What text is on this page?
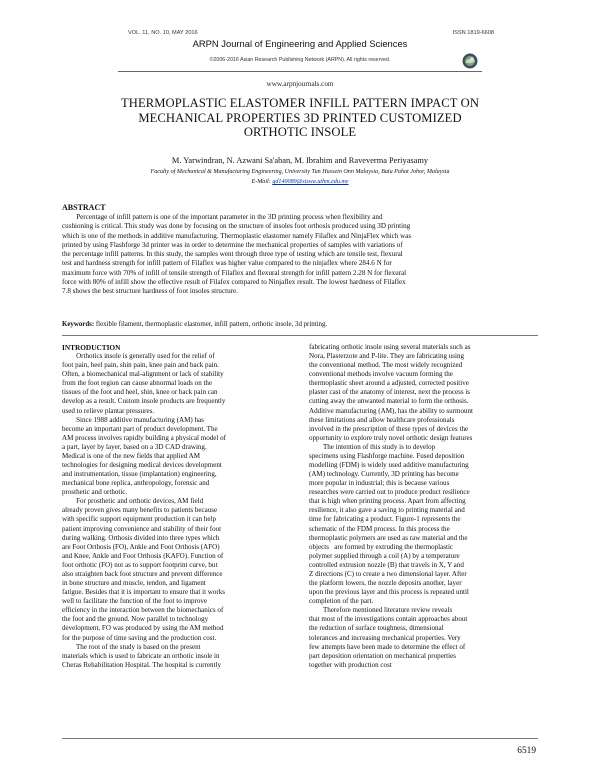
VOL. 11, NO. 10, MAY 2016	ISSN 1819-6608
ARPN Journal of Engineering and Applied Sciences
©2006-2016 Asian Research Publishing Network (ARPN). All rights reserved.
www.arpnjournals.com
THERMOPLASTIC ELASTOMER INFILL PATTERN IMPACT ON
MECHANICAL PROPERTIES 3D PRINTED CUSTOMIZED
ORTHOTIC INSOLE
M. Yarwindran, N. Azwani Sa'aban, M. Ibrahim and Raveverma Periyasamy
Faculty of Mechanical & Manufacturing Engineering, University Tun Hussein Onn Malaysia, Batu Pahat Johor, Malaysia
E-Mail: gd140089@siswa.uthm.edu.my
ABSTRACT
Percentage of infill pattern is one of the important parameter in the 3D printing process when flexibility and
cushioning is critical. This study was done by focusing on the structure of insoles foot orthosis produced using 3D printing
which is one of the methods in additive manufacturing. Thermoplastic elastomer namely Filaflex and NinjaFlex which was
printed by using Flashforge 3d printer was in order to determine the mechanical properties of samples with variations of
the percentage infill patterns. In this study, the samples went through three type of testing which are tensile test, flexural
test and hardness strength for infill pattern of Filaflex was higher value compared to the ninjaflex where 284.6 N for
maximum force with 70% of infill of tensile strength of Filaflex and flexural strength for infill pattern 2.28 N for flexural
force with 80% of infill show the effective result of Filafex compared to Ninjaflex result. The lowest hardness of Filaflex
7.8 shows the best structure hardness of foot insoles structure.
Keywords: flexible filament, thermoplastic elastomer, infill pattern, orthotic insole, 3d printing.
INTRODUCTION
Orthotics insole is generally used for the relief of
foot pain, heel pain, shin pain, knee pain and back pain.
Often, a biomechanical mal-alignment or lack of stability
from the foot region can cause abnormal loads on the
tissues of the foot and heel, shin, knee or back pain can
develop as a result. Custom insole products are frequently
used to relieve plantar pressures.
Since 1988 additive manufacturing (AM) has
become an important part of product development. The
AM process involves rapidly building a physical model of
a part, layer by layer, based on a 3D CAD drawing.
Medical is one of the new fields that applied AM
technologies for designing medical devices development
and instrumentation, tissue (implantation) engineering,
mechanical bone replica, anthropology, forensic and
prosthetic and orthotic.
For prosthetic and orthotic devices, AM field
already proven gives many benefits to patients because
with specific support equipment production it can help
patient improving convenience and stability of their foot
during walking. Orthosis divided into three types which
are Foot Orthosis (FO), Ankle and Foot Orthosis (AFO)
and Knee, Ankle and Foot Orthosis (KAFO). Function of
foot orthotic (FO) not as to support footprint curve, but
also straighten back foot structure and prevent difference
in bone structure and muscle, tendon, and ligament
fatigue. Besides that it is important to ensure that it works
well to facilitate the function of the foot to improve
efficiency in the interaction between the biomechanics of
the foot and the ground. Now parallel to technology
development, FO was produced by using the AM method
for the purpose of time saving and the production cost.
The root of the study is based on the present
materials which is used to fabricate an orthotic insole in
Cheras Rehabilitation Hospital. The hospital is currently
fabricating orthotic insole using several materials such as
Nora, Plasterzote and P-lite. They are fabricating using
the conventional method. The most widely recognized
conventional methods involve vacuum forming the
thermoplastic sheet around a adjusted, corrected positive
plaster cast of the anatomy of interest, next the process is
cutting away the unwanted material to form the orthosis.
Additive manufacturing (AM), has the ability to surmount
these limitations and allow healthcare professionals
involved in the prescription of these types of devices the
opportunity to explore truly novel orthotic design features
The intention of this study is to develop
specimens using Flashforge machine. Fused deposition
modelling (FDM) is widely used additive manufacturing
(AM) technology. Currently, 3D printing has become
more popular in industrial; this is because various
researches were carried out to produce product resilience
that is high when printing process. Apart from affecting
resilience, it also gave a saving to printing material and
time for fabricating a product. Figure-1 represents the
schematic of the FDM process. In this process the
thermoplastic polymers are used as raw material and the
objects   are formed by extruding the thermoplastic
polymer supplied through a coil (A) by a temperature
controlled extrusion nozzle (B) that travels in X, Y and
Z directions (C) to create a two dimensional layer. After
the platform lowers, the nozzle deposits another, layer
upon the previous layer and this process is repeated until
completion of the part.
Therefore mentioned literature review reveals
that most of the investigations contain approaches about
the reduction of surface toughness, dimensional
tolerances and increasing mechanical properties. Very
few attempts have been made to determine the effect of
part deposition orientation on mechanical properties
together with production cost
6519
